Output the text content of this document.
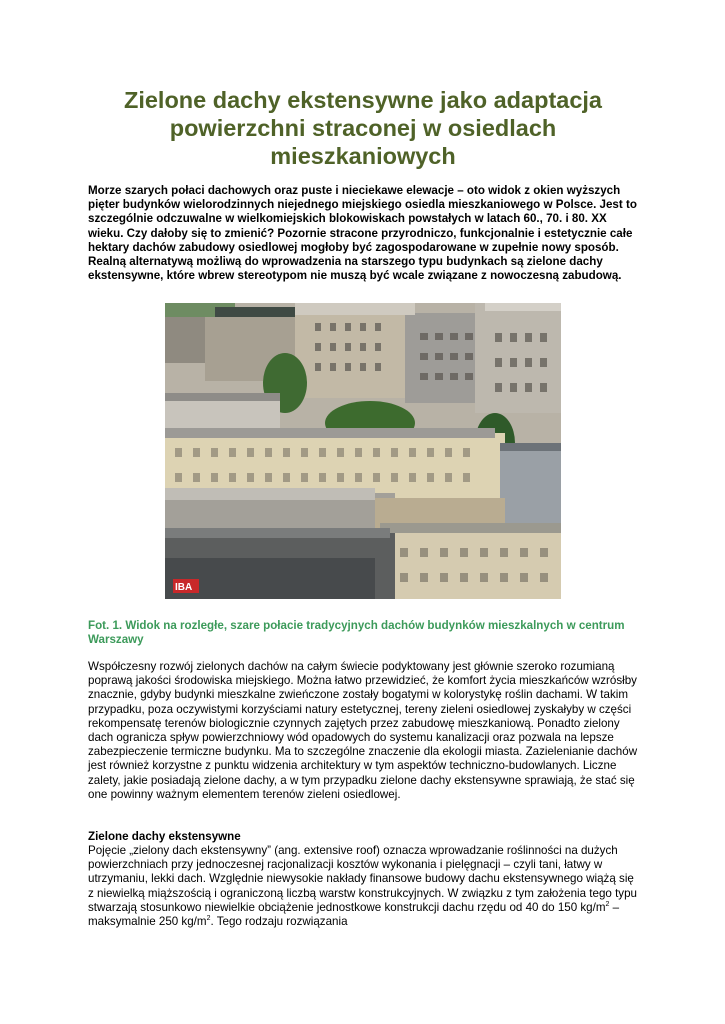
Zielone dachy ekstensywne jako adaptacja powierzchni straconej w osiedlach mieszkaniowych

Morze szarych połaci dachowych oraz puste i nieciekawe elewacje – oto widok z okien wyższych pięter budynków wielorodzinnych niejednego miejskiego osiedla mieszkaniowego w Polsce. Jest to szczególnie odczuwalne w wielkomiejskich blokowiskach powstałych w latach 60., 70. i 80. XX wieku. Czy dałoby się to zmienić? Pozornie stracone przyrodniczo, funkcjonalnie i estetycznie całe hektary dachów zabudowy osiedlowej mogłoby być zagospodarowane w zupełnie nowy sposób. Realną alternatywą możliwą do wprowadzenia na starszego typu budynkach są zielone dachy ekstensywne, które wbrew stereotypom nie muszą być wcale związane z nowoczesną zabudową.

IBA

Fot. 1. Widok na rozległe, szare połacie tradycyjnych dachów budynków mieszkalnych w centrum Warszawy

Współczesny rozwój zielonych dachów na całym świecie podyktowany jest głównie szeroko rozumianą poprawą jakości środowiska miejskiego. Można łatwo przewidzieć, że komfort życia mieszkańców wzrósłby znacznie, gdyby budynki mieszkalne zwieńczone zostały bogatymi w kolorystykę roślin dachami. W takim przypadku, poza oczywistymi korzyściami natury estetycznej, tereny zieleni osiedlowej zyskałyby w części rekompensatę terenów biologicznie czynnych zajętych przez zabudowę mieszkaniową. Ponadto zielony dach ogranicza spływ powierzchniowy wód opadowych do systemu kanalizacji oraz pozwala na lepsze zabezpieczenie termiczne budynku. Ma to szczególne znaczenie dla ekologii miasta. Zazielenianie dachów jest również korzystne z punktu widzenia architektury w tym aspektów techniczno-budowlanych. Liczne zalety, jakie posiadają zielone dachy, a w tym przypadku zielone dachy ekstensywne sprawiają, że stać się one powinny ważnym elementem terenów zieleni osiedlowej.

Zielone dachy ekstensywne

Pojęcie „zielony dach ekstensywny” (ang. extensive roof) oznacza wprowadzanie roślinności na dużych powierzchniach przy jednoczesnej racjonalizacji kosztów wykonania i pielęgnacji – czyli tani, łatwy w utrzymaniu, lekki dach. Względnie niewysokie nakłady finansowe budowy dachu ekstensywnego wiążą się z niewielką miąższością i ograniczoną liczbą warstw konstrukcyjnych. W związku z tym założenia tego typu stwarzają stosunkowo niewielkie obciążenie jednostkowe konstrukcji dachu rzędu od 40 do 150 $kg/m^2$ – maksymalnie 250 $kg/m^2$. Tego rodzaju rozwiązania
